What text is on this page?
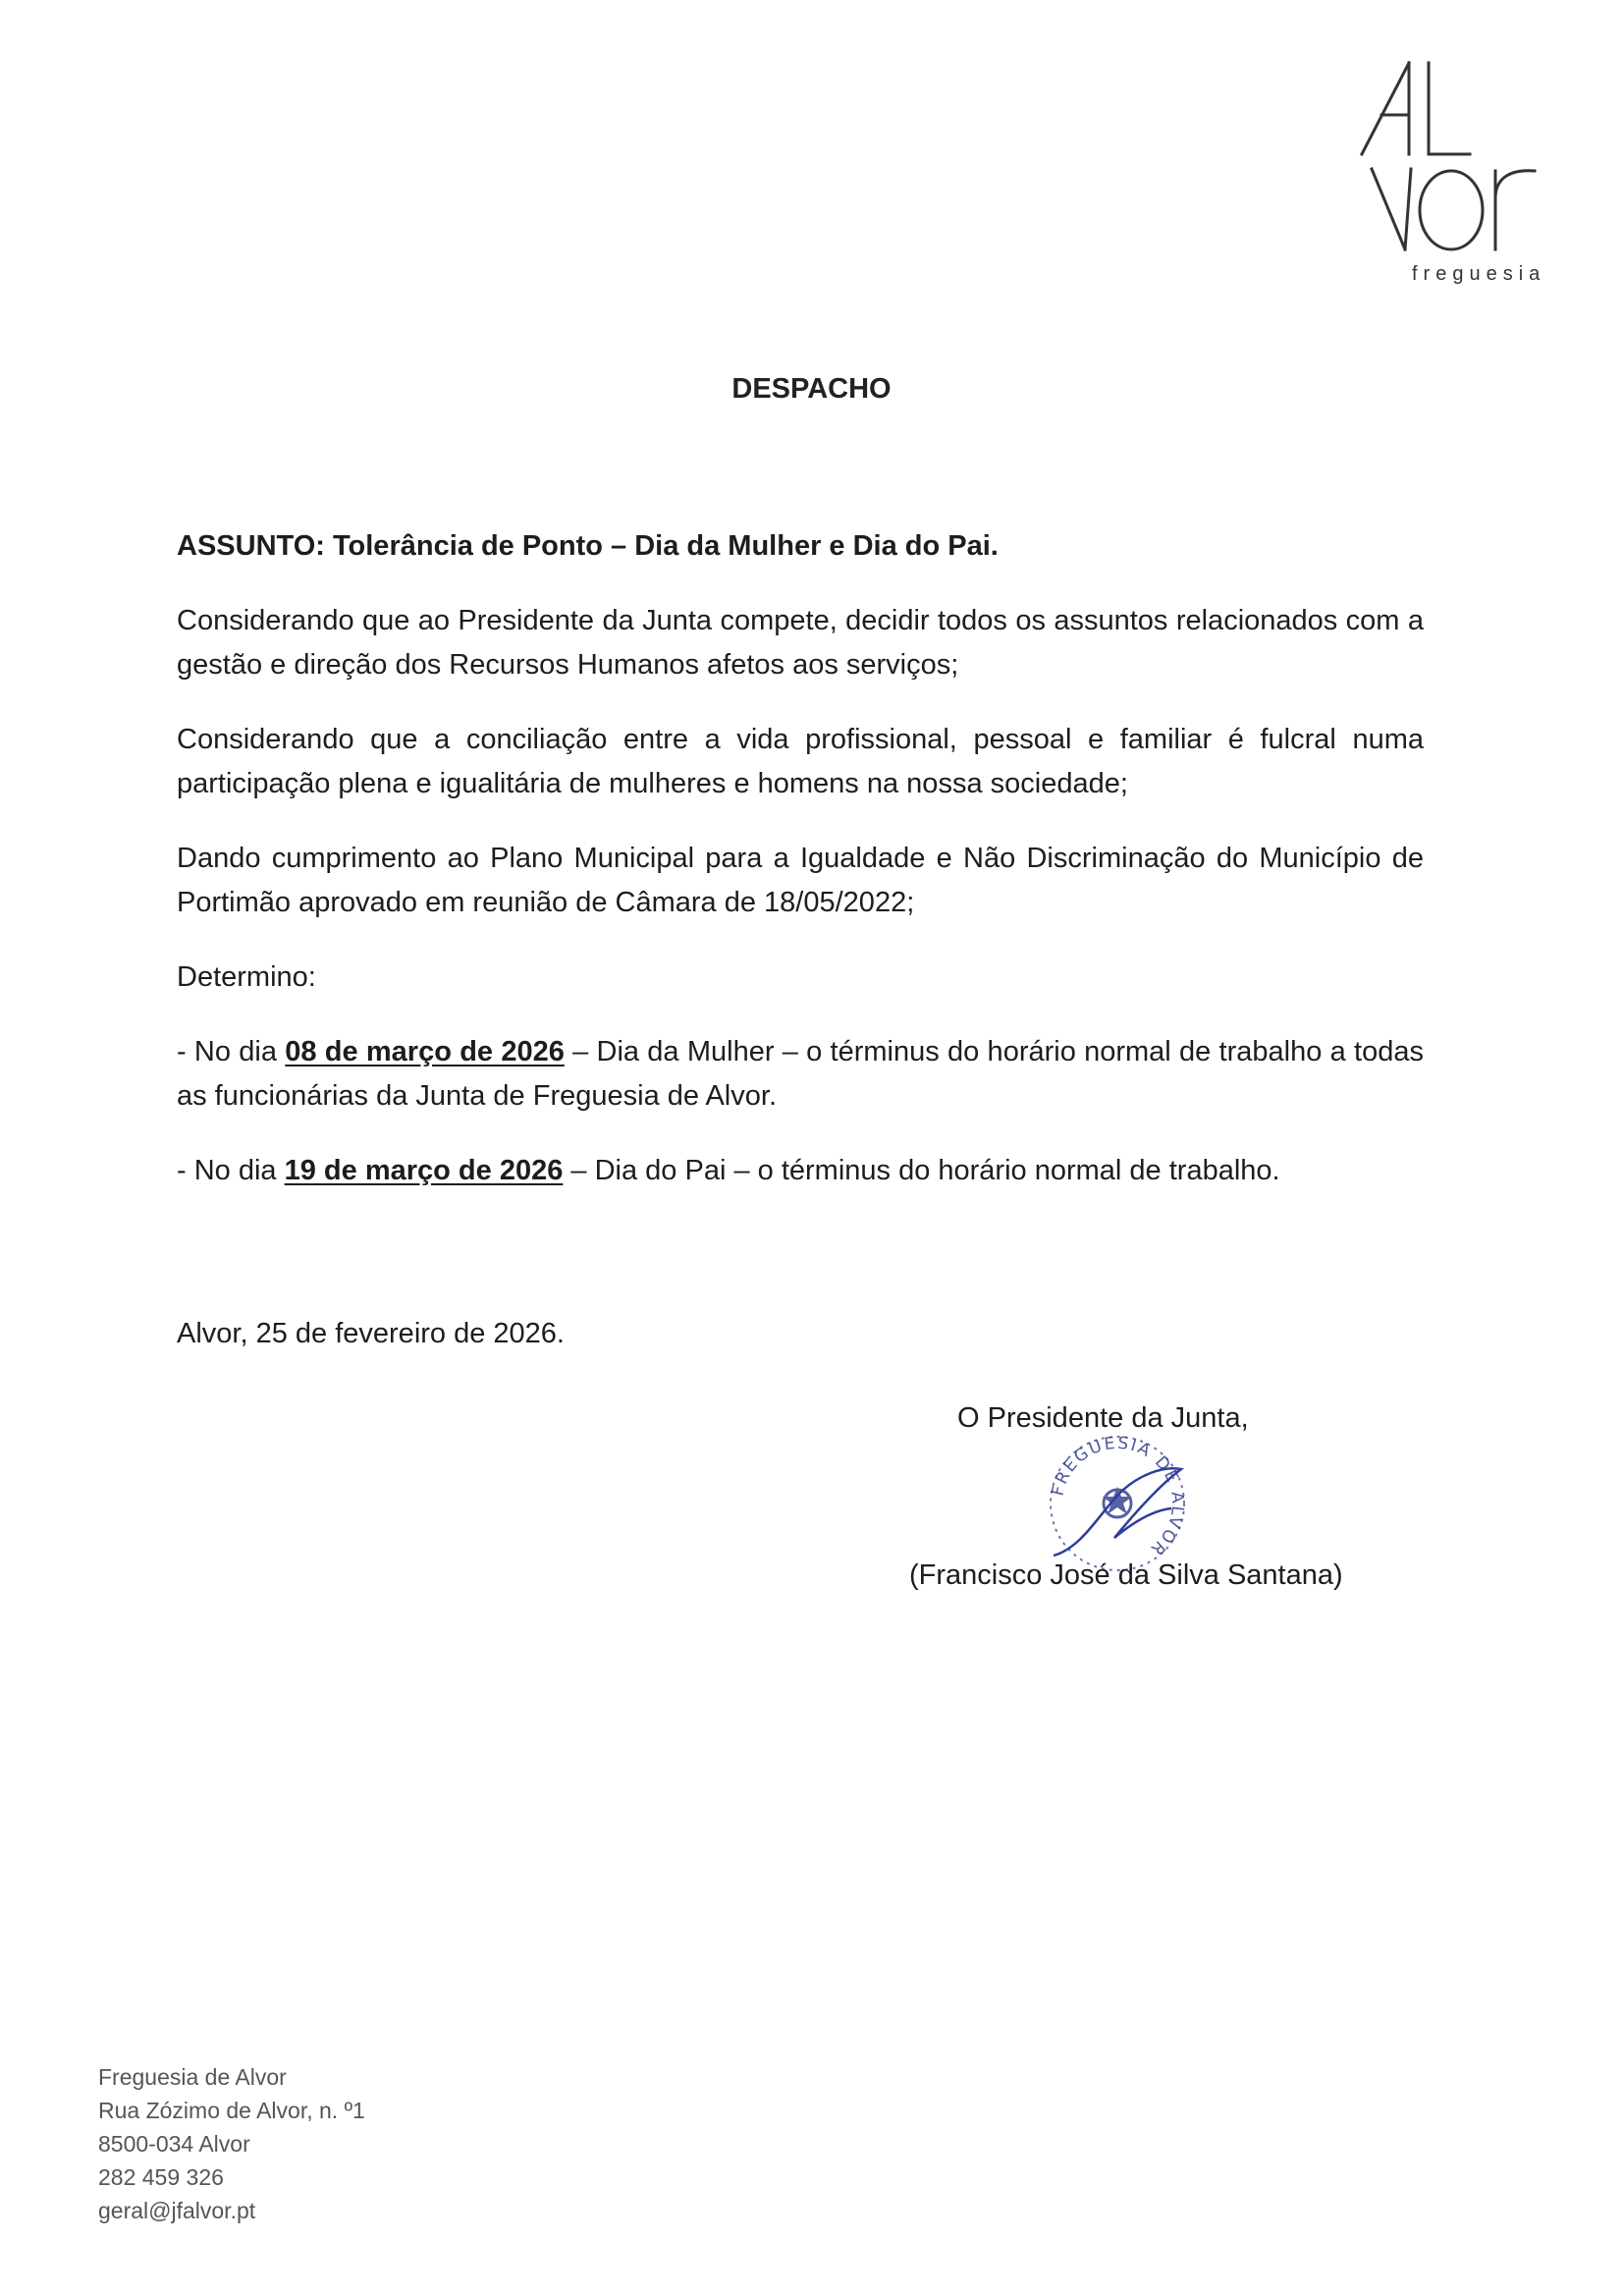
freguesia
DESPACHO

ASSUNTO: Tolerância de Ponto – Dia da Mulher e Dia do Pai.

Considerando que ao Presidente da Junta compete, decidir todos os assuntos relacionados com a gestão e direção dos Recursos Humanos afetos aos serviços;

Considerando que a conciliação entre a vida profissional, pessoal e familiar é fulcral numa participação plena e igualitária de mulheres e homens na nossa sociedade;

Dando cumprimento ao Plano Municipal para a Igualdade e Não Discriminação do Município de Portimão aprovado em reunião de Câmara de 18/05/2022;

Determino:

- No dia 08 de março de 2026 – Dia da Mulher – o términus do horário normal de trabalho a todas as funcionárias da Junta de Freguesia de Alvor.

- No dia 19 de março de 2026 – Dia do Pai – o términus do horário normal de trabalho.

Alvor, 25 de fevereiro de 2026.
O Presidente da Junta,
(Francisco José da Silva Santana)
FREGUESIA DE ALVOR
Freguesia de Alvor
Rua Zózimo de Alvor, n. º1
8500-034 Alvor
282 459 326
geral@jfalvor.pt
